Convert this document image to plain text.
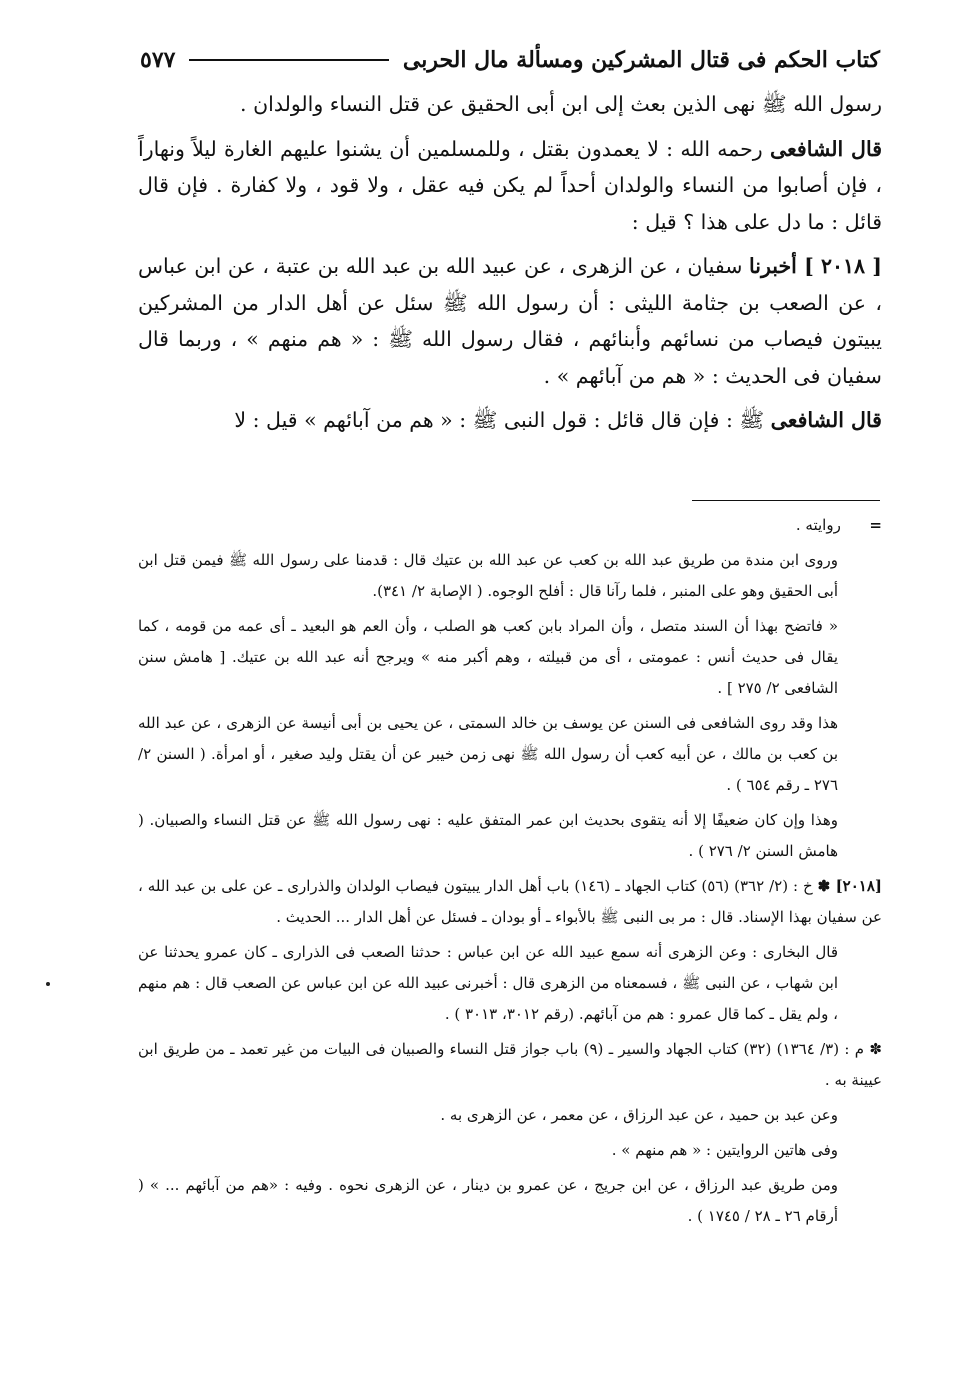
كتاب الحكم فى قتال المشركين ومسألة مال الحربى
٥٧٧

رسول الله ﷺ نهى الذين بعث إلى ابن أبى الحقيق عن قتل النساء والولدان .

قال الشافعى رحمه الله : لا يعمدون بقتل ، وللمسلمين أن يشنوا عليهم الغارة ليلاً ونهاراً ، فإن أصابوا من النساء والولدان أحداً لم يكن فيه عقل ، ولا قود ، ولا كفارة . فإن قال قائل : ما دل على هذا ؟ قيل :

[ ٢٠١٨ ] أخبرنا سفيان ، عن الزهرى ، عن عبيد الله بن عبد الله بن عتبة ، عن ابن عباس ، عن الصعب بن جثامة الليثى : أن رسول الله ﷺ سئل عن أهل الدار من المشركين يبيتون فيصاب من نسائهم وأبنائهم ، فقال رسول الله ﷺ : « هم منهم » ، وربما قال سفيان فى الحديث : « هم من آبائهم » .

قال الشافعى ﷺ : فإن قال قائل : قول النبى ﷺ : « هم من آبائهم » قيل : لا

=      روايته .

وروى ابن مندة من طريق عبد الله بن كعب عن عبد الله بن عتيك قال : قدمنا على رسول الله ﷺ فيمن قتل ابن أبى الحقيق وهو على المنبر ، فلما رآنا قال : أفلح الوجوه. ( الإصابة ٢/ ٣٤١).

« فاتضح بهذا أن السند متصل ، وأن المراد بابن كعب هو الصلب ، وأن العم هو البعيد ـ أى عمه من قومه ، كما يقال فى حديث أنس : عمومتى ، أى من قبيلته ، وهم أكبر منه » ويرجح أنه عبد الله بن عتيك. [ هامش سنن الشافعى ٢/ ٢٧٥ ] .

هذا وقد روى الشافعى فى السنن عن يوسف بن خالد السمتى ، عن يحيى بن أبى أنيسة عن الزهرى ، عن عبد الله بن كعب بن مالك ، عن أبيه كعب أن رسول الله ﷺ نهى زمن خيبر عن أن يقتل وليد صغير ، أو امرأة. ( السنن ٢/ ٢٧٦ ـ رقم ٦٥٤ ) .

وهذا وإن كان ضعيفًا إلا أنه يتقوى بحديث ابن عمر المتفق عليه : نهى رسول الله ﷺ عن قتل النساء والصبيان. ( هامش السنن ٢/ ٢٧٦ ) .

[٢٠١٨] ✽ خ : (٢/ ٣٦٢) (٥٦) كتاب الجهاد ـ (١٤٦) باب أهل الدار يبيتون فيصاب الولدان والذرارى ـ عن على بن عبد الله ، عن سفيان بهذا الإسناد. قال : مر بى النبى ﷺ بالأبواء ـ أو بودان ـ فسئل عن أهل الدار ... الحديث .

قال البخارى : وعن الزهرى أنه سمع عبيد الله عن ابن عباس : حدثنا الصعب فى الذرارى ـ كان عمرو يحدثنا عن ابن شهاب ، عن النبى ﷺ ، فسمعناه من الزهرى قال : أخبرنى عبيد الله عن ابن عباس عن الصعب قال : هم منهم ، ولم يقل ـ كما قال عمرو : هم من آبائهم. (رقم ٣٠١٢، ٣٠١٣ ) .

✽ م : (٣/ ١٣٦٤) (٣٢) كتاب الجهاد والسير ـ (٩) باب جواز قتل النساء والصبيان فى البيات من غير تعمد ـ من طريق ابن عيينة به .

وعن عبد بن حميد ، عن عبد الرزاق ، عن معمر ، عن الزهرى به .

وفى هاتين الروايتين : « هم منهم » .

ومن طريق عبد الرزاق ، عن ابن جريج ، عن عمرو بن دينار ، عن الزهرى نحوه . وفيه : «هم من آبائهم ... » ( أرقام ٢٦ ـ ٢٨ / ١٧٤٥ ) .
